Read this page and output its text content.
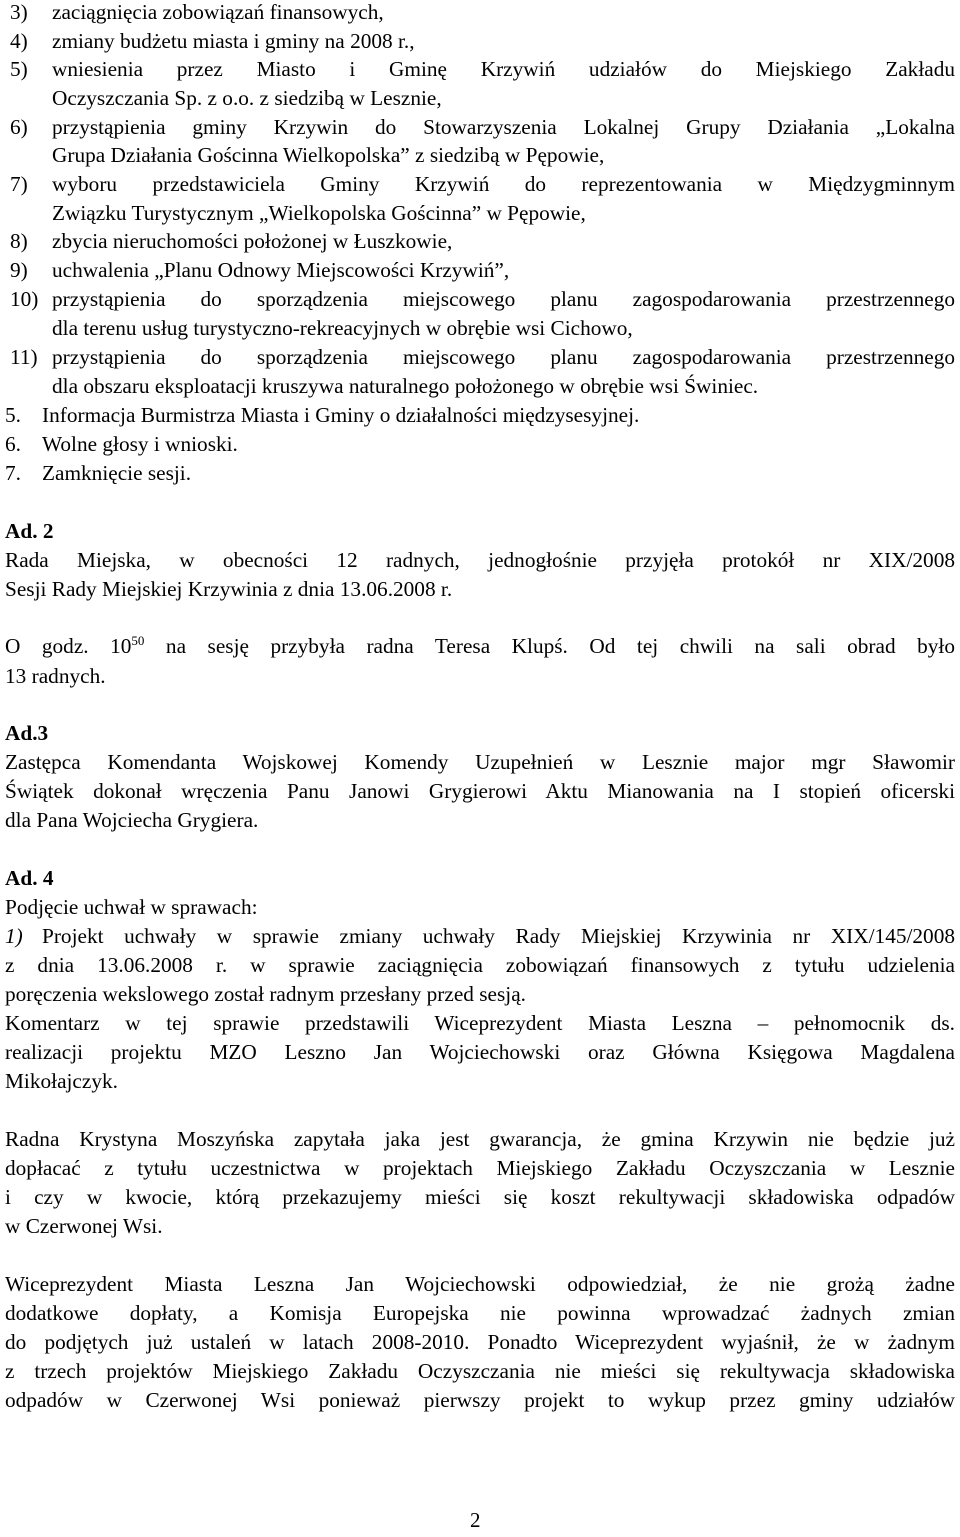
3) zaciągnięcia zobowiązań finansowych,
4) zmiany budżetu miasta i gminy na 2008 r.,
5) wniesienia przez Miasto i Gminę Krzywiń udziałów do Miejskiego Zakładu
Oczyszczania Sp. z o.o. z siedzibą w Lesznie,
6) przystąpienia gminy Krzywin do Stowarzyszenia Lokalnej Grupy Działania „Lokalna
Grupa Działania Gościnna Wielkopolska” z siedzibą w Pępowie,
7) wyboru przedstawiciela Gminy Krzywiń do reprezentowania w Międzygminnym
Związku Turystycznym „Wielkopolska Gościnna” w Pępowie,
8) zbycia nieruchomości położonej w Łuszkowie,
9) uchwalenia „Planu Odnowy Miejscowości Krzywiń”,
10) przystąpienia do sporządzenia miejscowego planu zagospodarowania przestrzennego
dla terenu usług turystyczno-rekreacyjnych w obrębie wsi Cichowo,
11) przystąpienia do sporządzenia miejscowego planu zagospodarowania przestrzennego
dla obszaru eksploatacji kruszywa naturalnego położonego w obrębie wsi Świniec.
5. Informacja Burmistrza Miasta i Gminy o działalności międzysesyjnej.
6. Wolne głosy i wnioski.
7. Zamknięcie sesji.
Ad. 2
Rada Miejska, w obecności 12 radnych, jednogłośnie przyjęła protokół nr XIX/2008
Sesji Rady Miejskiej Krzywinia z dnia 13.06.2008 r.
O godz. $10^{50}$ na sesję przybyła radna Teresa Klupś. Od tej chwili na sali obrad było
13 radnych.
Ad.3
Zastępca Komendanta Wojskowej Komendy Uzupełnień w Lesznie major mgr Sławomir
Świątek dokonał wręczenia Panu Janowi Grygierowi Aktu Mianowania na I stopień oficerski
dla Pana Wojciecha Grygiera.
Ad. 4
Podjęcie uchwał w sprawach:
1) Projekt uchwały w sprawie zmiany uchwały Rady Miejskiej Krzywinia nr XIX/145/2008
z dnia 13.06.2008 r. w sprawie zaciągnięcia zobowiązań finansowych z tytułu udzielenia
poręczenia wekslowego został radnym przesłany przed sesją.
Komentarz w tej sprawie przedstawili Wiceprezydent Miasta Leszna – pełnomocnik ds.
realizacji projektu MZO Leszno Jan Wojciechowski oraz Główna Księgowa Magdalena
Mikołajczyk.
Radna Krystyna Moszyńska zapytała jaka jest gwarancja, że gmina Krzywin nie będzie już
dopłacać z tytułu uczestnictwa w projektach Miejskiego Zakładu Oczyszczania w Lesznie
i czy w kwocie, którą przekazujemy mieści się koszt rekultywacji składowiska odpadów
w Czerwonej Wsi.
Wiceprezydent Miasta Leszna Jan Wojciechowski odpowiedział, że nie grożą żadne
dodatkowe dopłaty, a Komisja Europejska nie powinna wprowadzać żadnych zmian
do podjętych już ustaleń w latach 2008-2010. Ponadto Wiceprezydent wyjaśnił, że w żadnym
z trzech projektów Miejskiego Zakładu Oczyszczania nie mieści się rekultywacja składowiska
odpadów w Czerwonej Wsi ponieważ pierwszy projekt to wykup przez gminy udziałów
2
